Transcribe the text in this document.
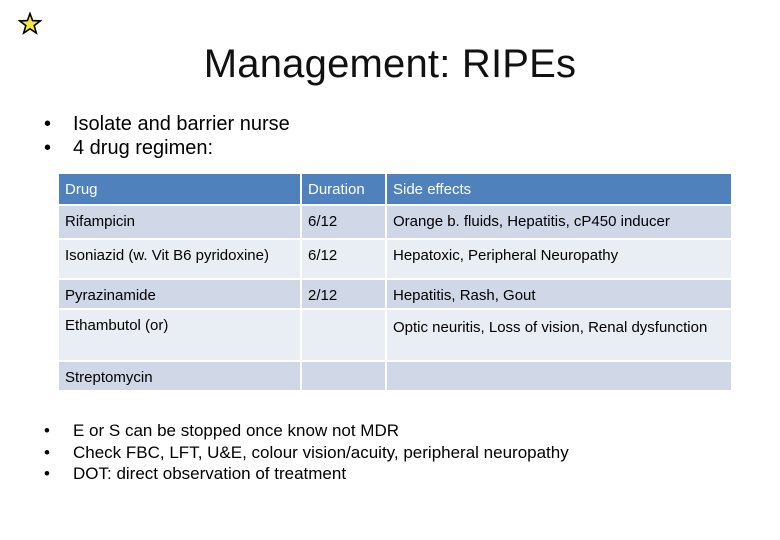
Management: RIPEs
• Isolate and barrier nurse
• 4 drug regimen:
Drug	Duration	Side effects
Rifampicin	6/12	Orange b. fluids, Hepatitis, cP450 inducer
Isoniazid (w. Vit B6 pyridoxine)	6/12	Hepatoxic, Peripheral Neuropathy
Pyrazinamide	2/12	Hepatitis, Rash, Gout
Ethambutol (or)		Optic neuritis, Loss of vision, Renal dysfunction
Streptomycin		
• E or S can be stopped once know not MDR
• Check FBC, LFT, U&E, colour vision/acuity, peripheral neuropathy
• DOT: direct observation of treatment
